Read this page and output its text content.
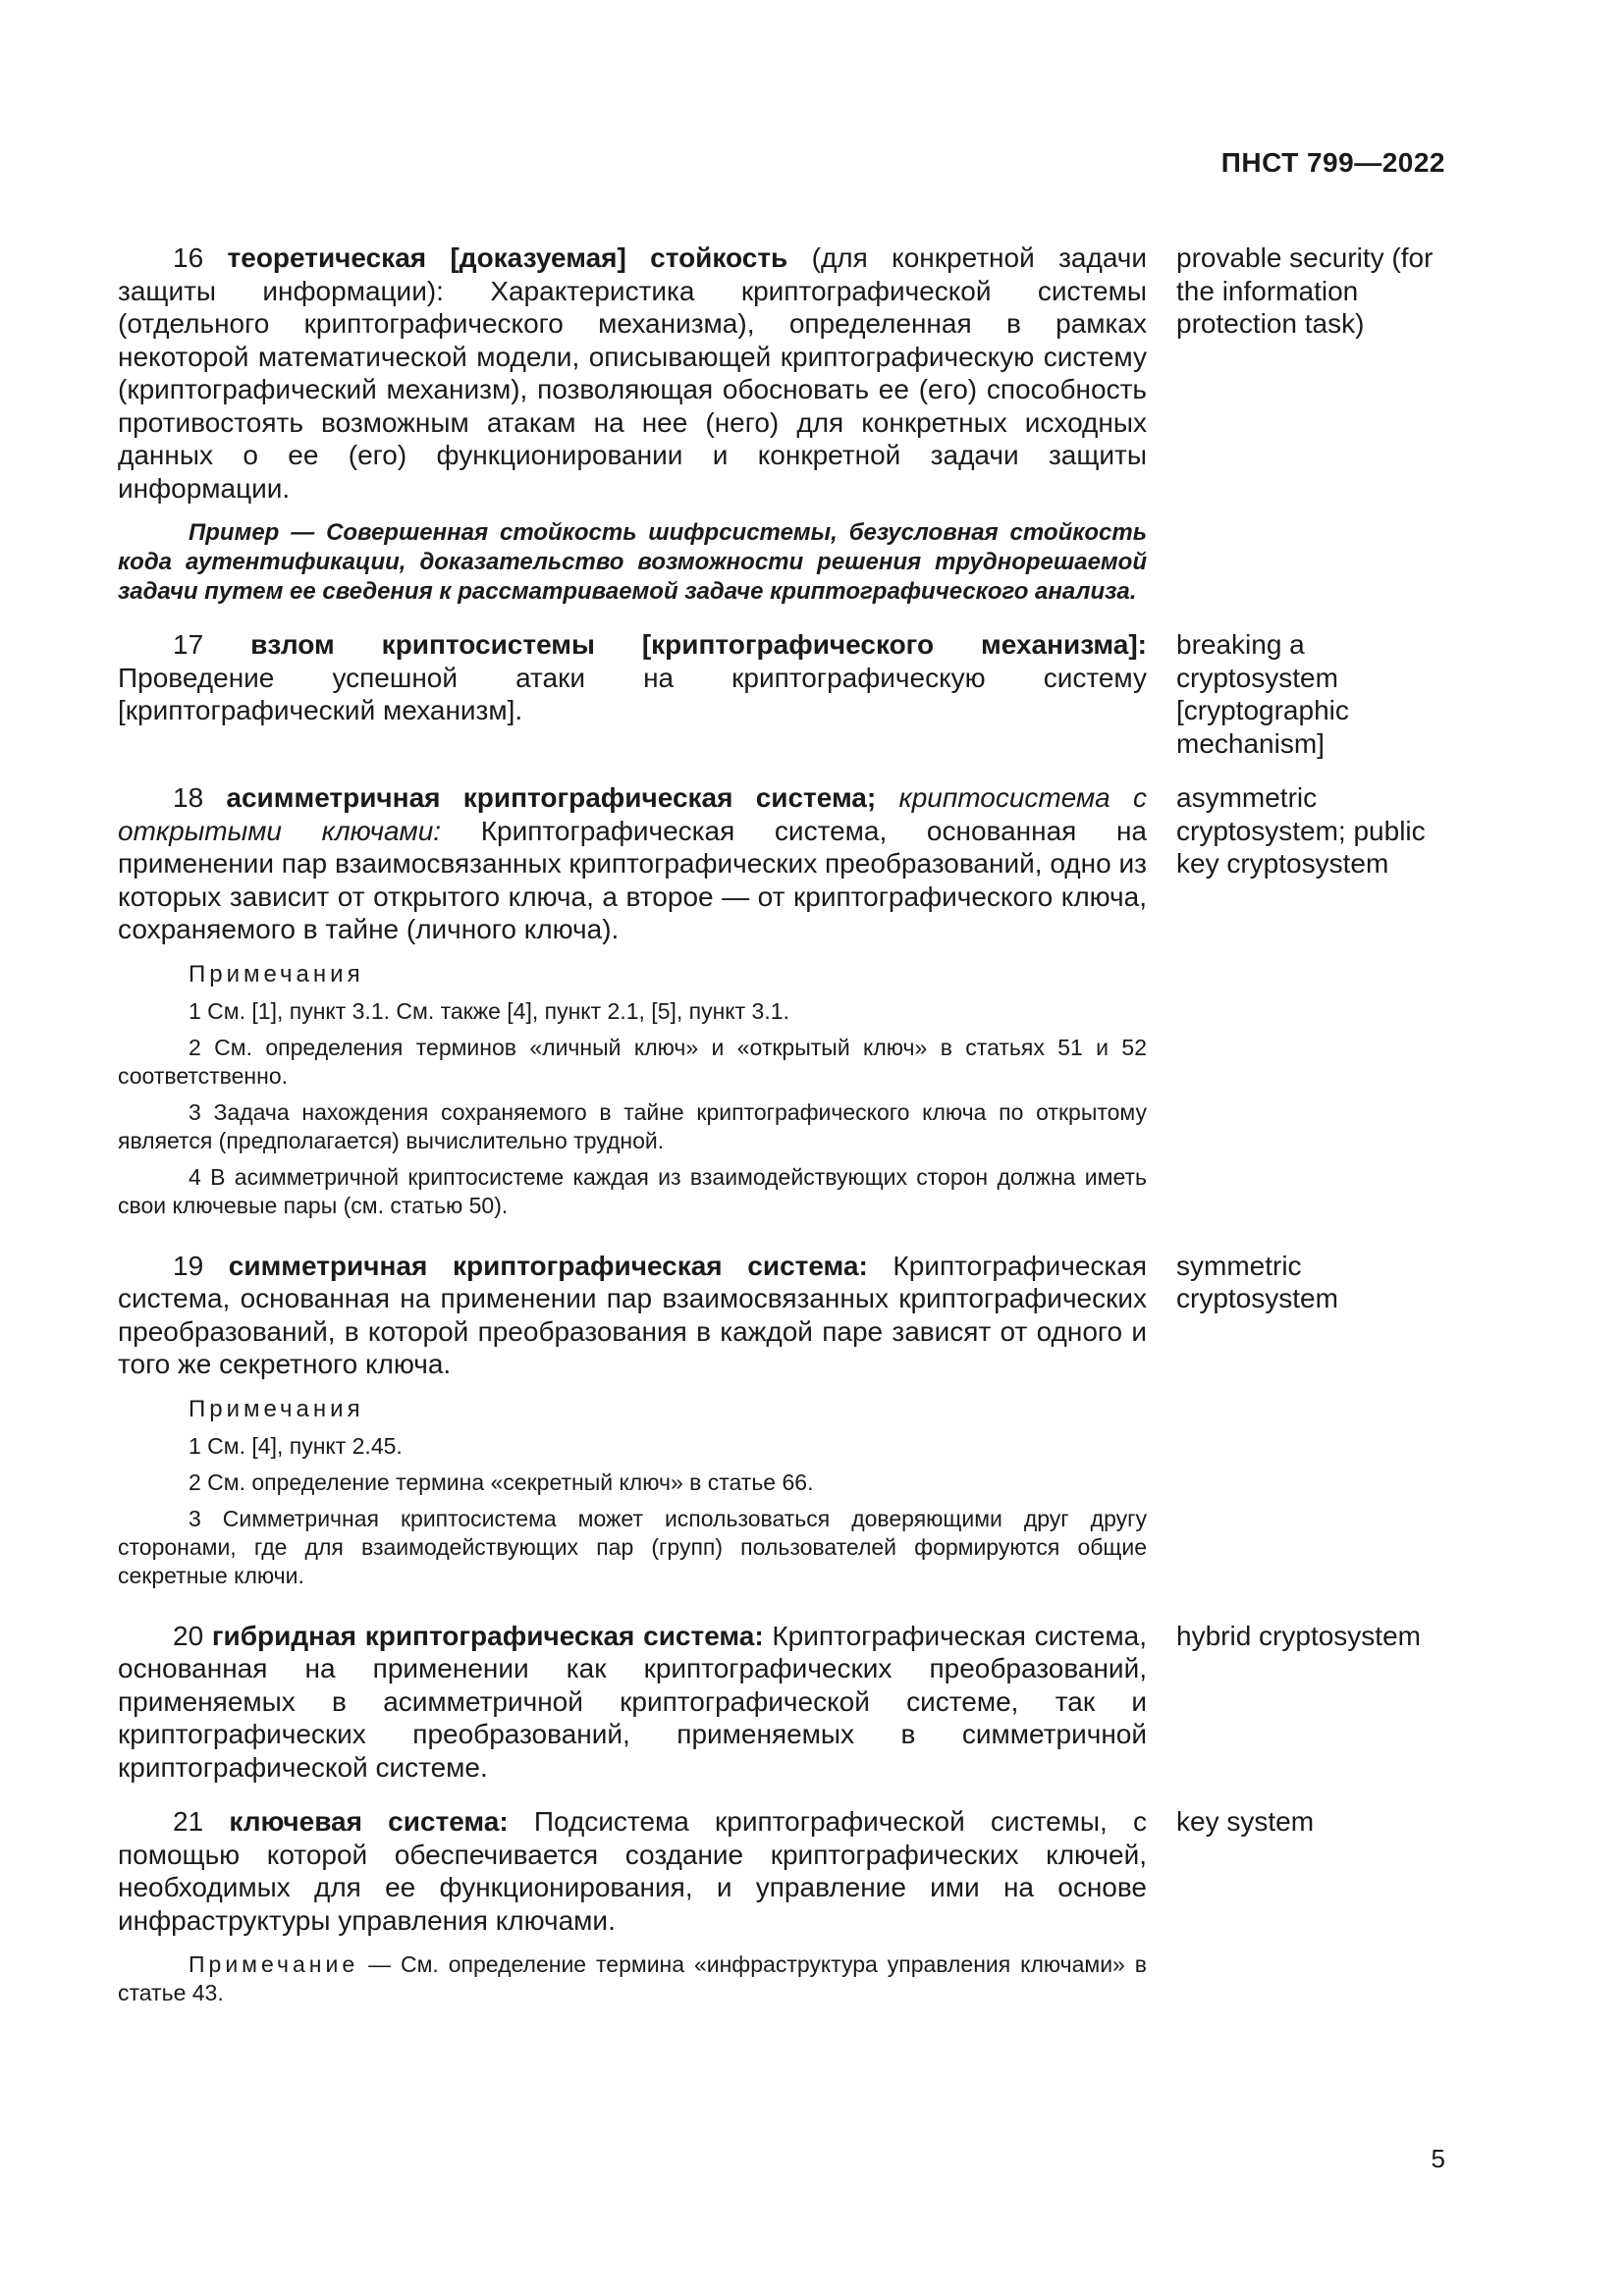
ПНСТ 799—2022

16 теоретическая [доказуемая] стойкость (для конкретной задачи защиты информации): Характеристика криптографической системы (отдельного криптографического механизма), определенная в рамках некоторой математической модели, описывающей криптографическую систему (криптографический механизм), позволяющая обосновать ее (его) способность противостоять возможным атакам на нее (него) для конкретных исходных данных о ее (его) функционировании и конкретной задачи защиты информации.

Пример — Совершенная стойкость шифрсистемы, безусловная стойкость кода аутентификации, доказательство возможности решения труднорешаемой задачи путем ее сведения к рассматриваемой задаче криптографического анализа.

provable security (for the information protection task)

17 взлом криптосистемы [криптографического механизма]: Проведение успешной атаки на криптографическую систему [криптографический механизм].

breaking a cryptosystem [cryptographic mechanism]

18 асимметричная криптографическая система; криптосистема с открытыми ключами: Криптографическая система, основанная на применении пар взаимосвязанных криптографических преобразований, одно из которых зависит от открытого ключа, а второе — от криптографического ключа, сохраняемого в тайне (личного ключа).

Примечания

1 См. [1], пункт 3.1. См. также [4], пункт 2.1, [5], пункт 3.1.

2 См. определения терминов «личный ключ» и «открытый ключ» в статьях 51 и 52 соответственно.

3 Задача нахождения сохраняемого в тайне криптографического ключа по открытому является (предполагается) вычислительно трудной.

4 В асимметричной криптосистеме каждая из взаимодействующих сторон должна иметь свои ключевые пары (см. статью 50).

asymmetric cryptosystem; public key cryptosystem

19 симметричная криптографическая система: Криптографическая система, основанная на применении пар взаимосвязанных криптографических преобразований, в которой преобразования в каждой паре зависят от одного и того же секретного ключа.

Примечания

1 См. [4], пункт 2.45.

2 См. определение термина «секретный ключ» в статье 66.

3 Симметричная криптосистема может использоваться доверяющими друг другу сторонами, где для взаимодействующих пар (групп) пользователей формируются общие секретные ключи.

symmetric cryptosystem

20 гибридная криптографическая система: Криптографическая система, основанная на применении как криптографических преобразований, применяемых в асимметричной криптографической системе, так и криптографических преобразований, применяемых в симметричной криптографической системе.

hybrid cryptosystem

21 ключевая система: Подсистема криптографической системы, с помощью которой обеспечивается создание криптографических ключей, необходимых для ее функционирования, и управление ими на основе инфраструктуры управления ключами.

Примечание — См. определение термина «инфраструктура управления ключами» в статье 43.

key system
5
